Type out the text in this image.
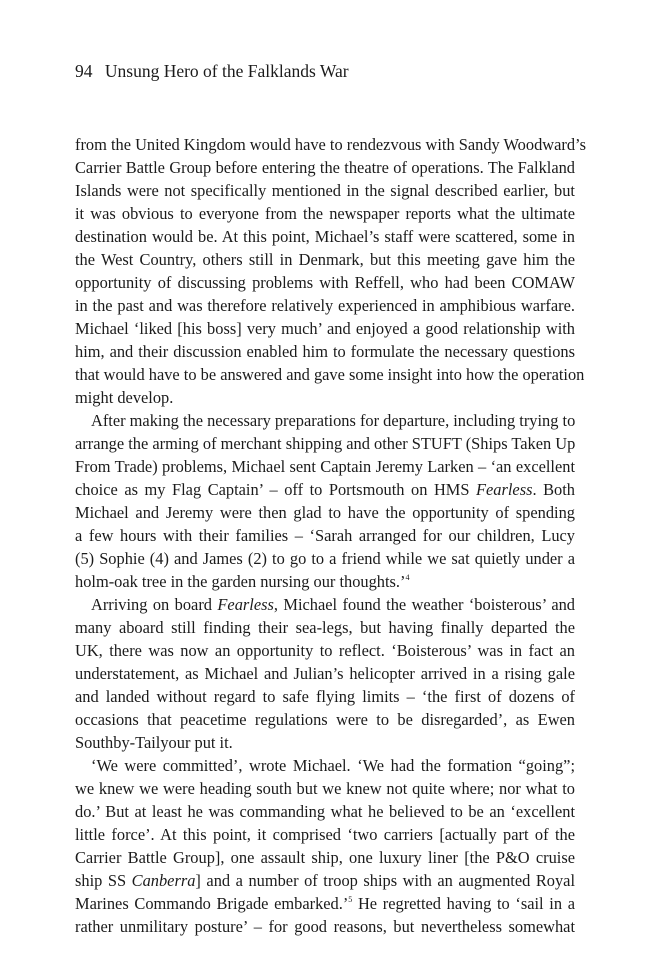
94 Unsung Hero of the Falklands War
from the United Kingdom would have to rendezvous with Sandy Woodward’s
Carrier Battle Group before entering the theatre of operations. The Falkland
Islands were not specifically mentioned in the signal described earlier, but
it was obvious to everyone from the newspaper reports what the ultimate
destination would be. At this point, Michael’s staff were scattered, some in
the West Country, others still in Denmark, but this meeting gave him the
opportunity of discussing problems with Reffell, who had been COMAW
in the past and was therefore relatively experienced in amphibious warfare.
Michael ‘liked [his boss] very much’ and enjoyed a good relationship with
him, and their discussion enabled him to formulate the necessary questions
that would have to be answered and gave some insight into how the operation
might develop.
After making the necessary preparations for departure, including trying to
arrange the arming of merchant shipping and other STUFT (Ships Taken Up
From Trade) problems, Michael sent Captain Jeremy Larken – ‘an excellent
choice as my Flag Captain’ – off to Portsmouth on HMS Fearless. Both
Michael and Jeremy were then glad to have the opportunity of spending
a few hours with their families – ‘Sarah arranged for our children, Lucy
(5) Sophie (4) and James (2) to go to a friend while we sat quietly under a
holm-oak tree in the garden nursing our thoughts.’$^4$
Arriving on board Fearless, Michael found the weather ‘boisterous’ and
many aboard still finding their sea-legs, but having finally departed the
UK, there was now an opportunity to reflect. ‘Boisterous’ was in fact an
understatement, as Michael and Julian’s helicopter arrived in a rising gale
and landed without regard to safe flying limits – ‘the first of dozens of
occasions that peacetime regulations were to be disregarded’, as Ewen
Southby-Tailyour put it.
‘We were committed’, wrote Michael. ‘We had the formation “going”;
we knew we were heading south but we knew not quite where; nor what to
do.’ But at least he was commanding what he believed to be an ‘excellent
little force’. At this point, it comprised ‘two carriers [actually part of the
Carrier Battle Group], one assault ship, one luxury liner [the P&O cruise
ship SS Canberra] and a number of troop ships with an augmented Royal
Marines Commando Brigade embarked.’$^5$ He regretted having to ‘sail in a
rather unmilitary posture’ – for good reasons, but nevertheless somewhat
